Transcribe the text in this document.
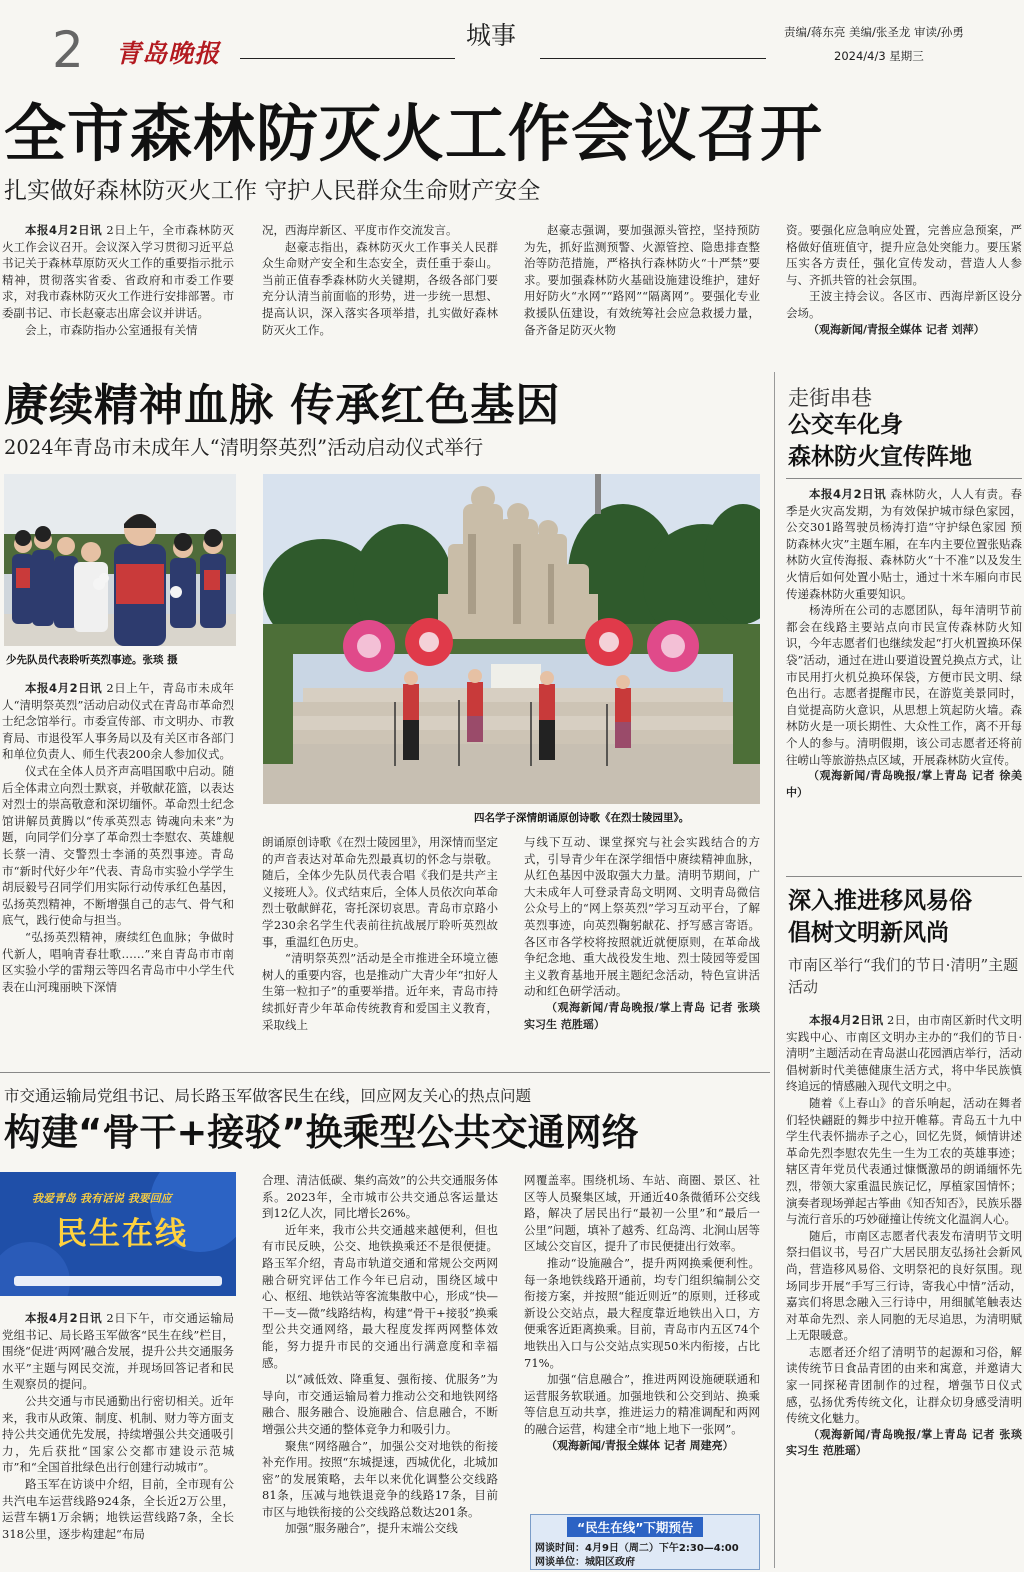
2 青岛晚报
城事	责编/蒋东亮 美编/张圣龙 审读/孙勇
2024/4/3 星期三
全市森林防灭火工作会议召开
扎实做好森林防灭火工作 守护人民群众生命财产安全

本报4月2日讯 2日上午，全市森林防灭火工作会议召开。会议深入学习贯彻习近平总书记关于森林草原防灭火工作的重要指示批示精神，贯彻落实省委、省政府和市委工作要求，对我市森林防灭火工作进行安排部署。市委副书记、市长赵豪志出席会议并讲话。

会上，市森防指办公室通报有关情

况，西海岸新区、平度市作交流发言。

赵豪志指出，森林防灭火工作事关人民群众生命财产安全和生态安全，责任重于泰山。当前正值春季森林防火关键期，各级各部门要充分认清当前面临的形势，进一步统一思想、提高认识，深入落实各项举措，扎实做好森林防灭火工作。

赵豪志强调，要加强源头管控，坚持预防为先，抓好监测预警、火源管控、隐患排查整治等防范措施，严格执行森林防火“十严禁”要求。要加强森林防火基础设施建设维护，建好用好防火“水网”“路网”“隔离网”。要强化专业救援队伍建设，有效统筹社会应急救援力量，备齐备足防灭火物

资。要强化应急响应处置，完善应急预案，严格做好值班值守，提升应急处突能力。要压紧压实各方责任，强化宣传发动，营造人人参与、齐抓共管的社会氛围。

王波主持会议。各区市、西海岸新区设分会场。

（观海新闻/青报全媒体 记者 刘萍）

赓续精神血脉 传承红色基因
2024年青岛市未成年人“清明祭英烈”活动启动仪式举行
少先队员代表聆听英烈事迹。张琰 摄
四名学子深情朗诵原创诗歌《在烈士陵园里》。

本报4月2日讯 2日上午，青岛市未成年人“清明祭英烈”活动启动仪式在青岛市革命烈士纪念馆举行。市委宣传部、市文明办、市教育局、市退役军人事务局以及有关区市各部门和单位负责人、师生代表200余人参加仪式。

仪式在全体人员齐声高唱国歌中启动。随后全体肃立向烈士默哀，并敬献花篮，以表达对烈士的崇高敬意和深切缅怀。革命烈士纪念馆讲解员黄腾以“传承英烈志 铸魂向未来”为题，向同学们分享了革命烈士李慰农、英雄舰长蔡一清、交警烈士李涌的英烈事迹。青岛市“新时代好少年”代表、青岛市实验小学学生胡辰毅号召同学们用实际行动传承红色基因，弘扬英烈精神，不断增强自己的志气、骨气和底气，践行使命与担当。

“弘扬英烈精神，赓续红色血脉；争做时代新人，唱响青春壮歌……”来自青岛市市南区实验小学的雷翔云等四名青岛市中小学生代表在山河瑰丽映下深情

朗诵原创诗歌《在烈士陵园里》，用深情而坚定的声音表达对革命先烈最真切的怀念与崇敬。随后，全体少先队员代表合唱《我们是共产主义接班人》。仪式结束后，全体人员依次向革命烈士敬献鲜花，寄托深切哀思。青岛市京路小学230余名学生代表前往抗战展厅聆听英烈故事，重温红色历史。

“清明祭英烈”活动是全市推进全环境立德树人的重要内容，也是推动广大青少年“扣好人生第一粒扣子”的重要举措。近年来，青岛市持续抓好青少年革命传统教育和爱国主义教育，采取线上

与线下互动、课堂探究与社会实践结合的方式，引导青少年在深学细悟中赓续精神血脉，从红色基因中汲取强大力量。清明节期间，广大未成年人可登录青岛文明网、文明青岛微信公众号上的“网上祭英烈”学习互动平台，了解英烈事迹，向英烈鞠躬献花、抒写感言寄语。各区市各学校将按照就近就便原则，在革命战争纪念地、重大战役发生地、烈士陵园等爱国主义教育基地开展主题纪念活动，特色宣讲活动和红色研学活动。

（观海新闻/青岛晚报/掌上青岛 记者 张琰 实习生 范胜瑶）

走街串巷
公交车化身
森林防火宣传阵地

本报4月2日讯 森林防火，人人有责。春季是火灾高发期，为有效保护城市绿色家园，公交301路驾驶员杨涛打造“守护绿色家园 预防森林火灾”主题车厢，在车内主要位置张贴森林防火宣传海报、森林防火“十不准”以及发生火情后如何处置小贴士，通过十米车厢向市民传递森林防火重要知识。

杨涛所在公司的志愿团队，每年清明节前都会在线路主要站点向市民宣传森林防火知识，今年志愿者们也继续发起“打火机置换环保袋”活动，通过在进山要道设置兑换点方式，让市民用打火机兑换环保袋，方便市民文明、绿色出行。志愿者提醒市民，在游览美景同时，自觉提高防火意识，从思想上筑起防火墙。森林防火是一项长期性、大众性工作，离不开每个人的参与。清明假期，该公司志愿者还将前往崂山等旅游热点区域，开展森林防火宣传。

（观海新闻/青岛晚报/掌上青岛 记者 徐美中）

深入推进移风易俗
倡树文明新风尚
市南区举行“我们的节日·清明”主题活动

本报4月2日讯 2日，由市南区新时代文明实践中心、市南区文明办主办的“我们的节日·清明”主题活动在青岛湛山花园酒店举行，活动倡树新时代美德健康生活方式，将中华民族慎终追远的情感融入现代文明之中。

随着《上春山》的音乐响起，活动在舞者们轻快翩跹的舞步中拉开帷幕。青岛五十九中学生代表怀揣赤子之心，回忆先贤，倾情讲述革命先烈李慰农先生一生为工农的英雄事迹；辖区青年党员代表通过慷慨激昂的朗诵缅怀先烈，带领大家重温民族记忆，厚植家国情怀；演奏者现场弹起古筝曲《知否知否》，民族乐器与流行音乐的巧妙碰撞让传统文化温润人心。

随后，市南区志愿者代表发布清明节文明祭扫倡议书，号召广大居民朋友弘扬社会新风尚，营造移风易俗、文明祭祀的良好氛围。现场同步开展“手写三行诗，寄我心中情”活动，嘉宾们将思念融入三行诗中，用细腻笔触表达对革命先烈、亲人同胞的无尽追思，为清明赋上无限暖意。

志愿者还介绍了清明节的起源和习俗，解读传统节日食品青团的由来和寓意，并邀请大家一同探秘青团制作的过程，增强节日仪式感，弘扬优秀传统文化，让群众切身感受清明传统文化魅力。

（观海新闻/青岛晚报/掌上青岛 记者 张琰 实习生 范胜瑶）

市交通运输局党组书记、局长路玉军做客民生在线，回应网友关心的热点问题
构建“骨干+接驳”换乘型公共交通网络
我爱青岛 我有话说 我要回应
民生在线

本报4月2日讯 2日下午，市交通运输局党组书记、局长路玉军做客“民生在线”栏目，围绕“促进‘两网’融合发展，提升公共交通服务水平”主题与网民交流，并现场回答记者和民生观察员的提问。

公共交通与市民通勤出行密切相关。近年来，我市从政策、制度、机制、财力等方面支持公共交通优先发展，持续增强公共交通吸引力，先后获批“国家公交都市建设示范城市”和“全国首批绿色出行创建行动城市”。

路玉军在访谈中介绍，目前，全市现有公共汽电车运营线路924条，全长近2万公里，运营车辆1万余辆；地铁运营线路7条，全长318公里，逐步构建起“布局

合理、清洁低碳、集约高效”的公共交通服务体系。2023年，全市城市公共交通总客运量达到12亿人次，同比增长26%。

近年来，我市公共交通越来越便利，但也有市民反映，公交、地铁换乘还不是很便捷。路玉军介绍，青岛市轨道交通和常规公交两网融合研究评估工作今年已启动，围绕区域中心、枢纽、地铁站等客流集散中心，形成“快—干—支—微”线路结构，构建“骨干+接驳”换乘型公共交通网络，最大程度发挥两网整体效能，努力提升市民的交通出行满意度和幸福感。

以“减低效、降重复、强衔接、优服务”为导向，市交通运输局着力推动公交和地铁网络融合、服务融合、设施融合、信息融合，不断增强公共交通的整体竞争力和吸引力。

聚焦“网络融合”，加强公交对地铁的衔接补充作用。按照“东城提速，西城优化，北城加密”的发展策略，去年以来优化调整公交线路81条，压减与地铁退竞争的线路17条，目前市区与地铁衔接的公交线路总数达201条。

加强“服务融合”，提升末端公交线

网覆盖率。围绕机场、车站、商圈、景区、社区等人员聚集区域，开通近40条微循环公交线路，解决了居民出行“最初一公里”和“最后一公里”问题，填补了越秀、红岛湾、北涧山居等区域公交盲区，提升了市民便捷出行效率。

推动“设施融合”，提升两网换乘便利性。每一条地铁线路开通前，均专门组织编制公交衔接方案，并按照“能近则近”的原则，迁移或新设公交站点，最大程度靠近地铁出入口，方便乘客近距离换乘。目前，青岛市内五区74个地铁出入口与公交站点实现50米内衔接，占比71%。

加强“信息融合”，推进两网设施硬联通和运营服务软联通。加强地铁和公交到站、换乘等信息互动共享，推进运力的精准调配和两网的融合运营，构建全市“地上地下一张网”。

（观海新闻/青报全媒体 记者 周建亮）

“民生在线”下期预告
网谈时间：4月9日（周二）下午2:30—4:00
网谈单位：城阳区政府
